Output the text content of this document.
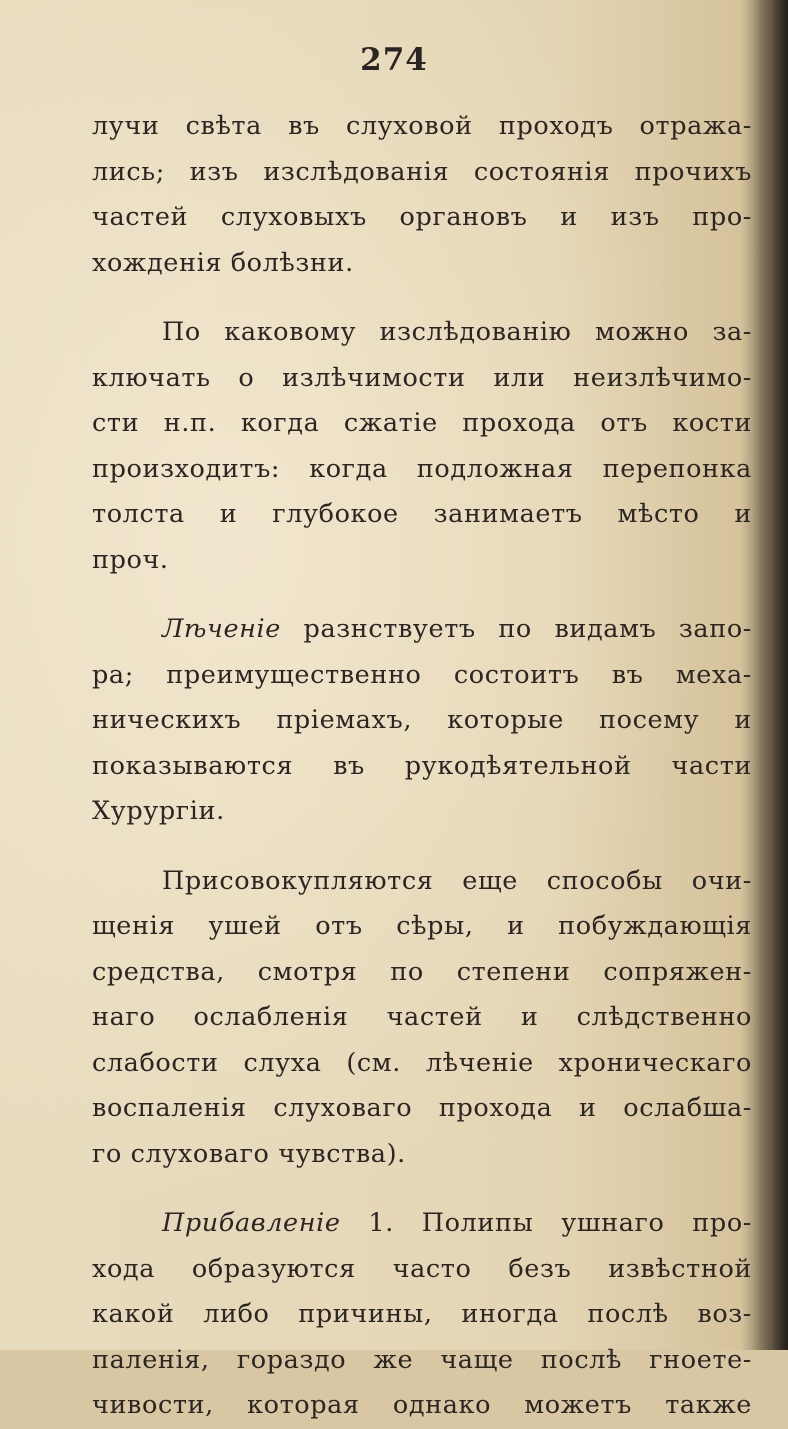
274
лучи свѣта въ слуховой проходъ отража-
лись; изъ изслѣдованія состоянія прочихъ
частей слуховыхъ органовъ и изъ про-
хожденія болѣзни.
По каковому изслѣдованію можно за-
ключать о излѣчимости или неизлѣчимо-
сти н.п. когда сжатіе прохода отъ кости
произходитъ: когда подложная перепонка
толста и глубокое занимаетъ мѣсто и
проч.
Лѣченіе разнствуетъ по видамъ запо-
ра; преимущественно состоитъ въ меха-
ническихъ пріемахъ, которые посему и
показываются въ рукодѣятельной части
Хурургіи.
Присовокупляются еще способы очи-
щенія ушей отъ сѣры, и побуждающія
средства, смотря по степени сопряжен-
наго ослабленія частей и слѣдственно
слабости слуха (см. лѣченіе хроническаго
воспаленія слуховаго прохода и ослабша-
го слуховаго чувства).
Прибавленіе 1. Полипы ушнаго про-
хода образуются часто безъ извѣстной
какой либо причины, иногда послѣ воз-
паленія, гораздо же чаще послѣ гноете-
чивости, которая однако можетъ также
